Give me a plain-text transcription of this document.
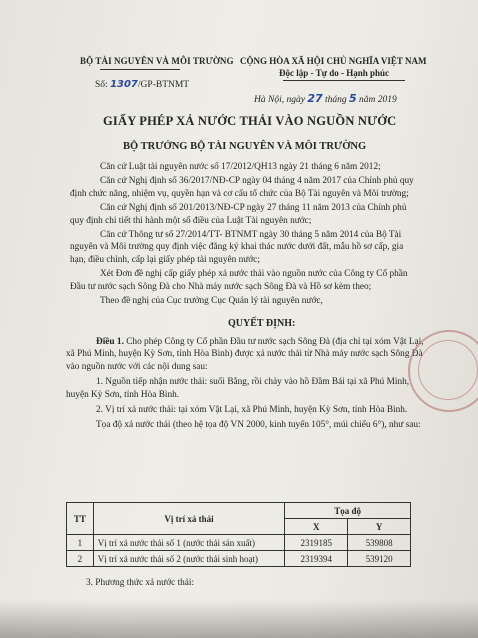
BỘ TÀI NGUYÊN VÀ MÔI TRƯỜNG CỘNG HÒA XÃ HỘI CHỦ NGHĨA VIỆT NAM
Độc lập - Tự do - Hạnh phúc
Số: 1307/GP-BTNMT
Hà Nội, ngày 27 tháng 5 năm 2019
GIẤY PHÉP XẢ NƯỚC THẢI VÀO NGUỒN NƯỚC
BỘ TRƯỞNG BỘ TÀI NGUYÊN VÀ MÔI TRƯỜNG

Căn cứ Luật tài nguyên nước số 17/2012/QH13 ngày 21 tháng 6 năm 2012;

Căn cứ Nghị định số 36/2017/NĐ-CP ngày 04 tháng 4 năm 2017 của Chính phủ quy định chức năng, nhiệm vụ, quyền hạn và cơ cấu tổ chức của Bộ Tài nguyên và Môi trường;

Căn cứ Nghị định số 201/2013/NĐ-CP ngày 27 tháng 11 năm 2013 của Chính phủ quy định chi tiết thi hành một số điều của Luật Tài nguyên nước;

Căn cứ Thông tư số 27/2014/TT- BTNMT ngày 30 tháng 5 năm 2014 của Bộ Tài nguyên và Môi trường quy định việc đăng ký khai thác nước dưới đất, mẫu hồ sơ cấp, gia hạn, điều chỉnh, cấp lại giấy phép tài nguyên nước;

Xét Đơn đề nghị cấp giấy phép xả nước thải vào nguồn nước của Công ty Cổ phần Đầu tư nước sạch Sông Đà cho Nhà máy nước sạch Sông Đà và Hồ sơ kèm theo;

Theo đề nghị của Cục trưởng Cục Quản lý tài nguyên nước,

QUYẾT ĐỊNH:

Điều 1. Cho phép Công ty Cổ phần Đầu tư nước sạch Sông Đà (địa chỉ tại xóm Vật Lại, xã Phú Minh, huyện Kỳ Sơn, tỉnh Hòa Bình) được xả nước thải từ Nhà máy nước sạch Sông Đà vào nguồn nước với các nội dung sau:

1. Nguồn tiếp nhận nước thải: suối Bằng, rồi chảy vào hồ Đầm Bái tại xã Phú Minh, huyện Kỳ Sơn, tỉnh Hòa Bình.

2. Vị trí xả nước thải: tại xóm Vật Lại, xã Phú Minh, huyện Kỳ Sơn, tỉnh Hòa Bình.

Tọa độ xả nước thải (theo hệ tọa độ VN 2000, kinh tuyến 105°, múi chiếu 6°), như sau:

TT	Vị trí xả thải	Tọa độ	
		X	Y
1	Vị trí xả nước thải số 1 (nước thải sản xuất)	2319185	539808
2	Vị trí xả nước thải số 2 (nước thải sinh hoạt)	2319394	539120
3. Phương thức xả nước thải:
